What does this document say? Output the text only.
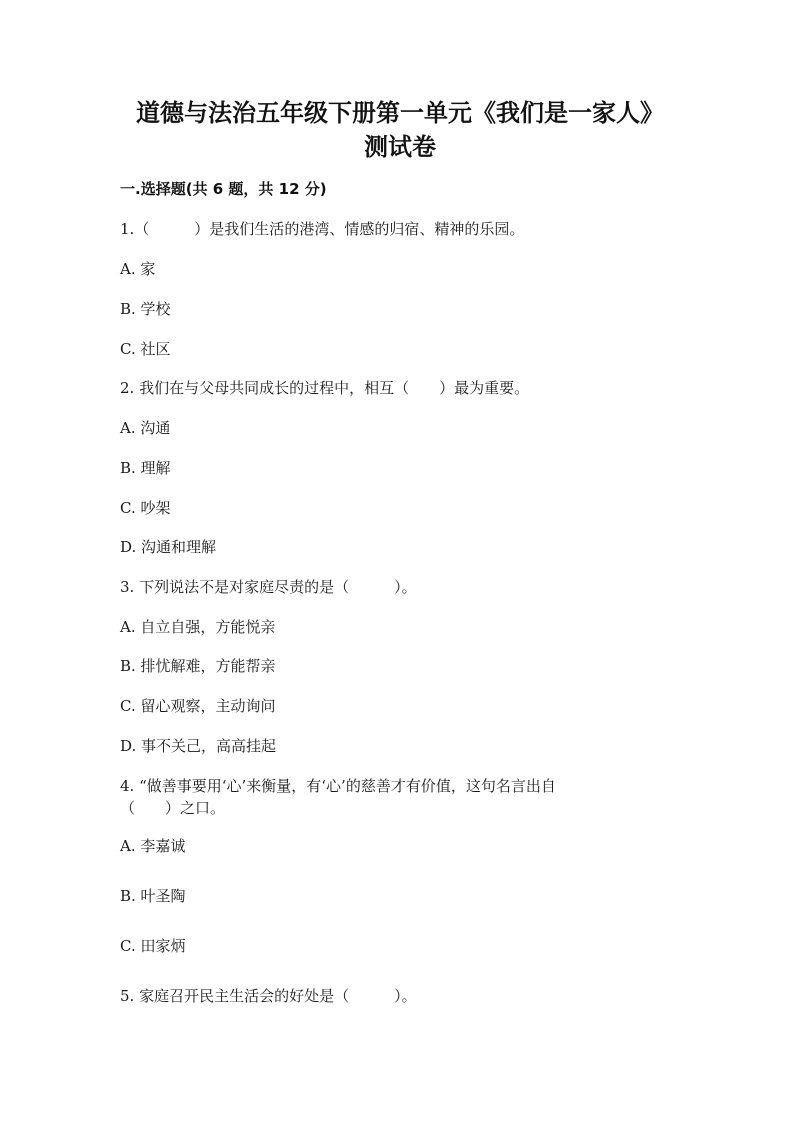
道德与法治五年级下册第一单元《我们是一家人》
测试卷
一.选择题(共 6 题，共 12 分)
1.（　　　）是我们生活的港湾、情感的归宿、精神的乐园。
A. 家
B. 学校
C. 社区
2. 我们在与父母共同成长的过程中，相互（　　）最为重要。
A. 沟通
B. 理解
C. 吵架
D. 沟通和理解
3. 下列说法不是对家庭尽责的是（　　　）。
A. 自立自强，方能悦亲
B. 排忧解难，方能帮亲
C. 留心观察，主动询问
D. 事不关己，高高挂起
4. “做善事要用‘心’来衡量，有‘心’的慈善才有价值，这句名言出自
（　　）之口。
A. 李嘉诚
B. 叶圣陶
C. 田家炳
5. 家庭召开民主生活会的好处是（　　　）。
